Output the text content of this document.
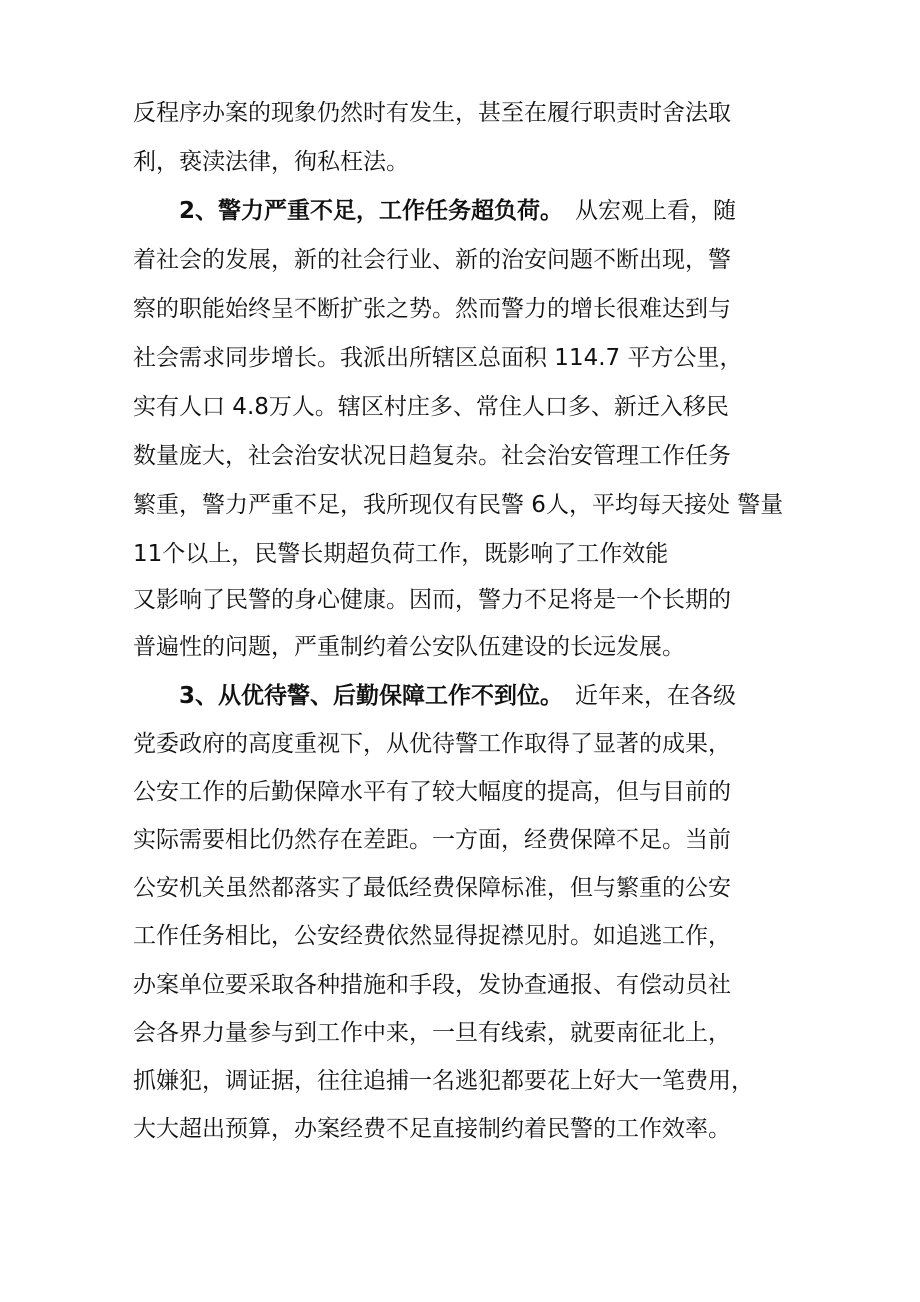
反程序办案的现象仍然时有发生，甚至在履行职责时舍法取
利，亵渎法律，徇私枉法。
2、警力严重不足，工作任务超负荷。 从宏观上看，随
着社会的发展，新的社会行业、新的治安问题不断出现，警
察的职能始终呈不断扩张之势。然而警力的增长很难达到与
社会需求同步增长。我派出所辖区总面积 114.7 平方公里，
实有人口 4.8万人。辖区村庄多、常住人口多、新迁入移民
数量庞大，社会治安状况日趋复杂。社会治安管理工作任务
繁重，警力严重不足，我所现仅有民警 6人，平均每天接处 警量
11个以上，民警长期超负荷工作，既影响了工作效能
又影响了民警的身心健康。因而，警力不足将是一个长期的
普遍性的问题，严重制约着公安队伍建设的长远发展。
3、从优待警、后勤保障工作不到位。 近年来，在各级
党委政府的高度重视下，从优待警工作取得了显著的成果，
公安工作的后勤保障水平有了较大幅度的提高，但与目前的
实际需要相比仍然存在差距。一方面，经费保障不足。当前
公安机关虽然都落实了最低经费保障标准，但与繁重的公安
工作任务相比，公安经费依然显得捉襟见肘。如追逃工作，
办案单位要采取各种措施和手段，发协查通报、有偿动员社
会各界力量参与到工作中来，一旦有线索，就要南征北上，
抓嫌犯，调证据，往往追捕一名逃犯都要花上好大一笔费用，
大大超出预算，办案经费不足直接制约着民警的工作效率。
